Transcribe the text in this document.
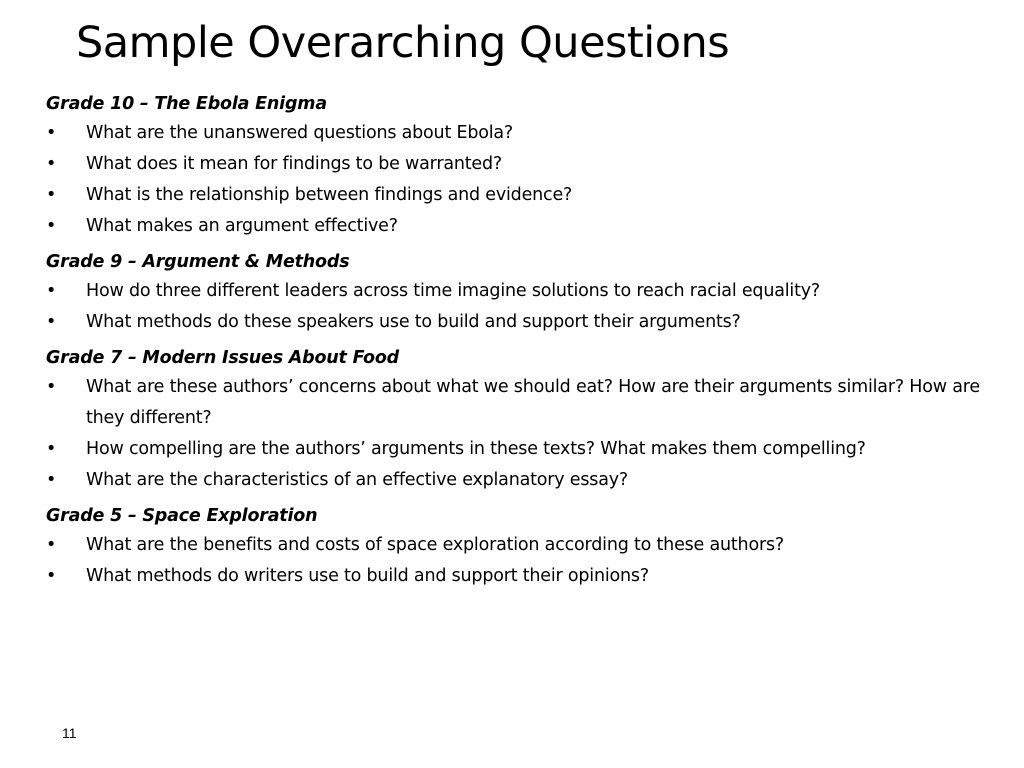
Sample Overarching Questions
Grade 10 – The Ebola Enigma
• What are the unanswered questions about Ebola?
• What does it mean for findings to be warranted?
• What is the relationship between findings and evidence?
• What makes an argument effective?
Grade 9 – Argument & Methods
• How do three different leaders across time imagine solutions to reach racial equality?
• What methods do these speakers use to build and support their arguments?
Grade 7 – Modern Issues About Food
• What are these authors’ concerns about what we should eat? How are their arguments similar? How are they different?
• How compelling are the authors’ arguments in these texts? What makes them compelling?
• What are the characteristics of an effective explanatory essay?
Grade 5 – Space Exploration
• What are the benefits and costs of space exploration according to these authors?
• What methods do writers use to build and support their opinions?
11
